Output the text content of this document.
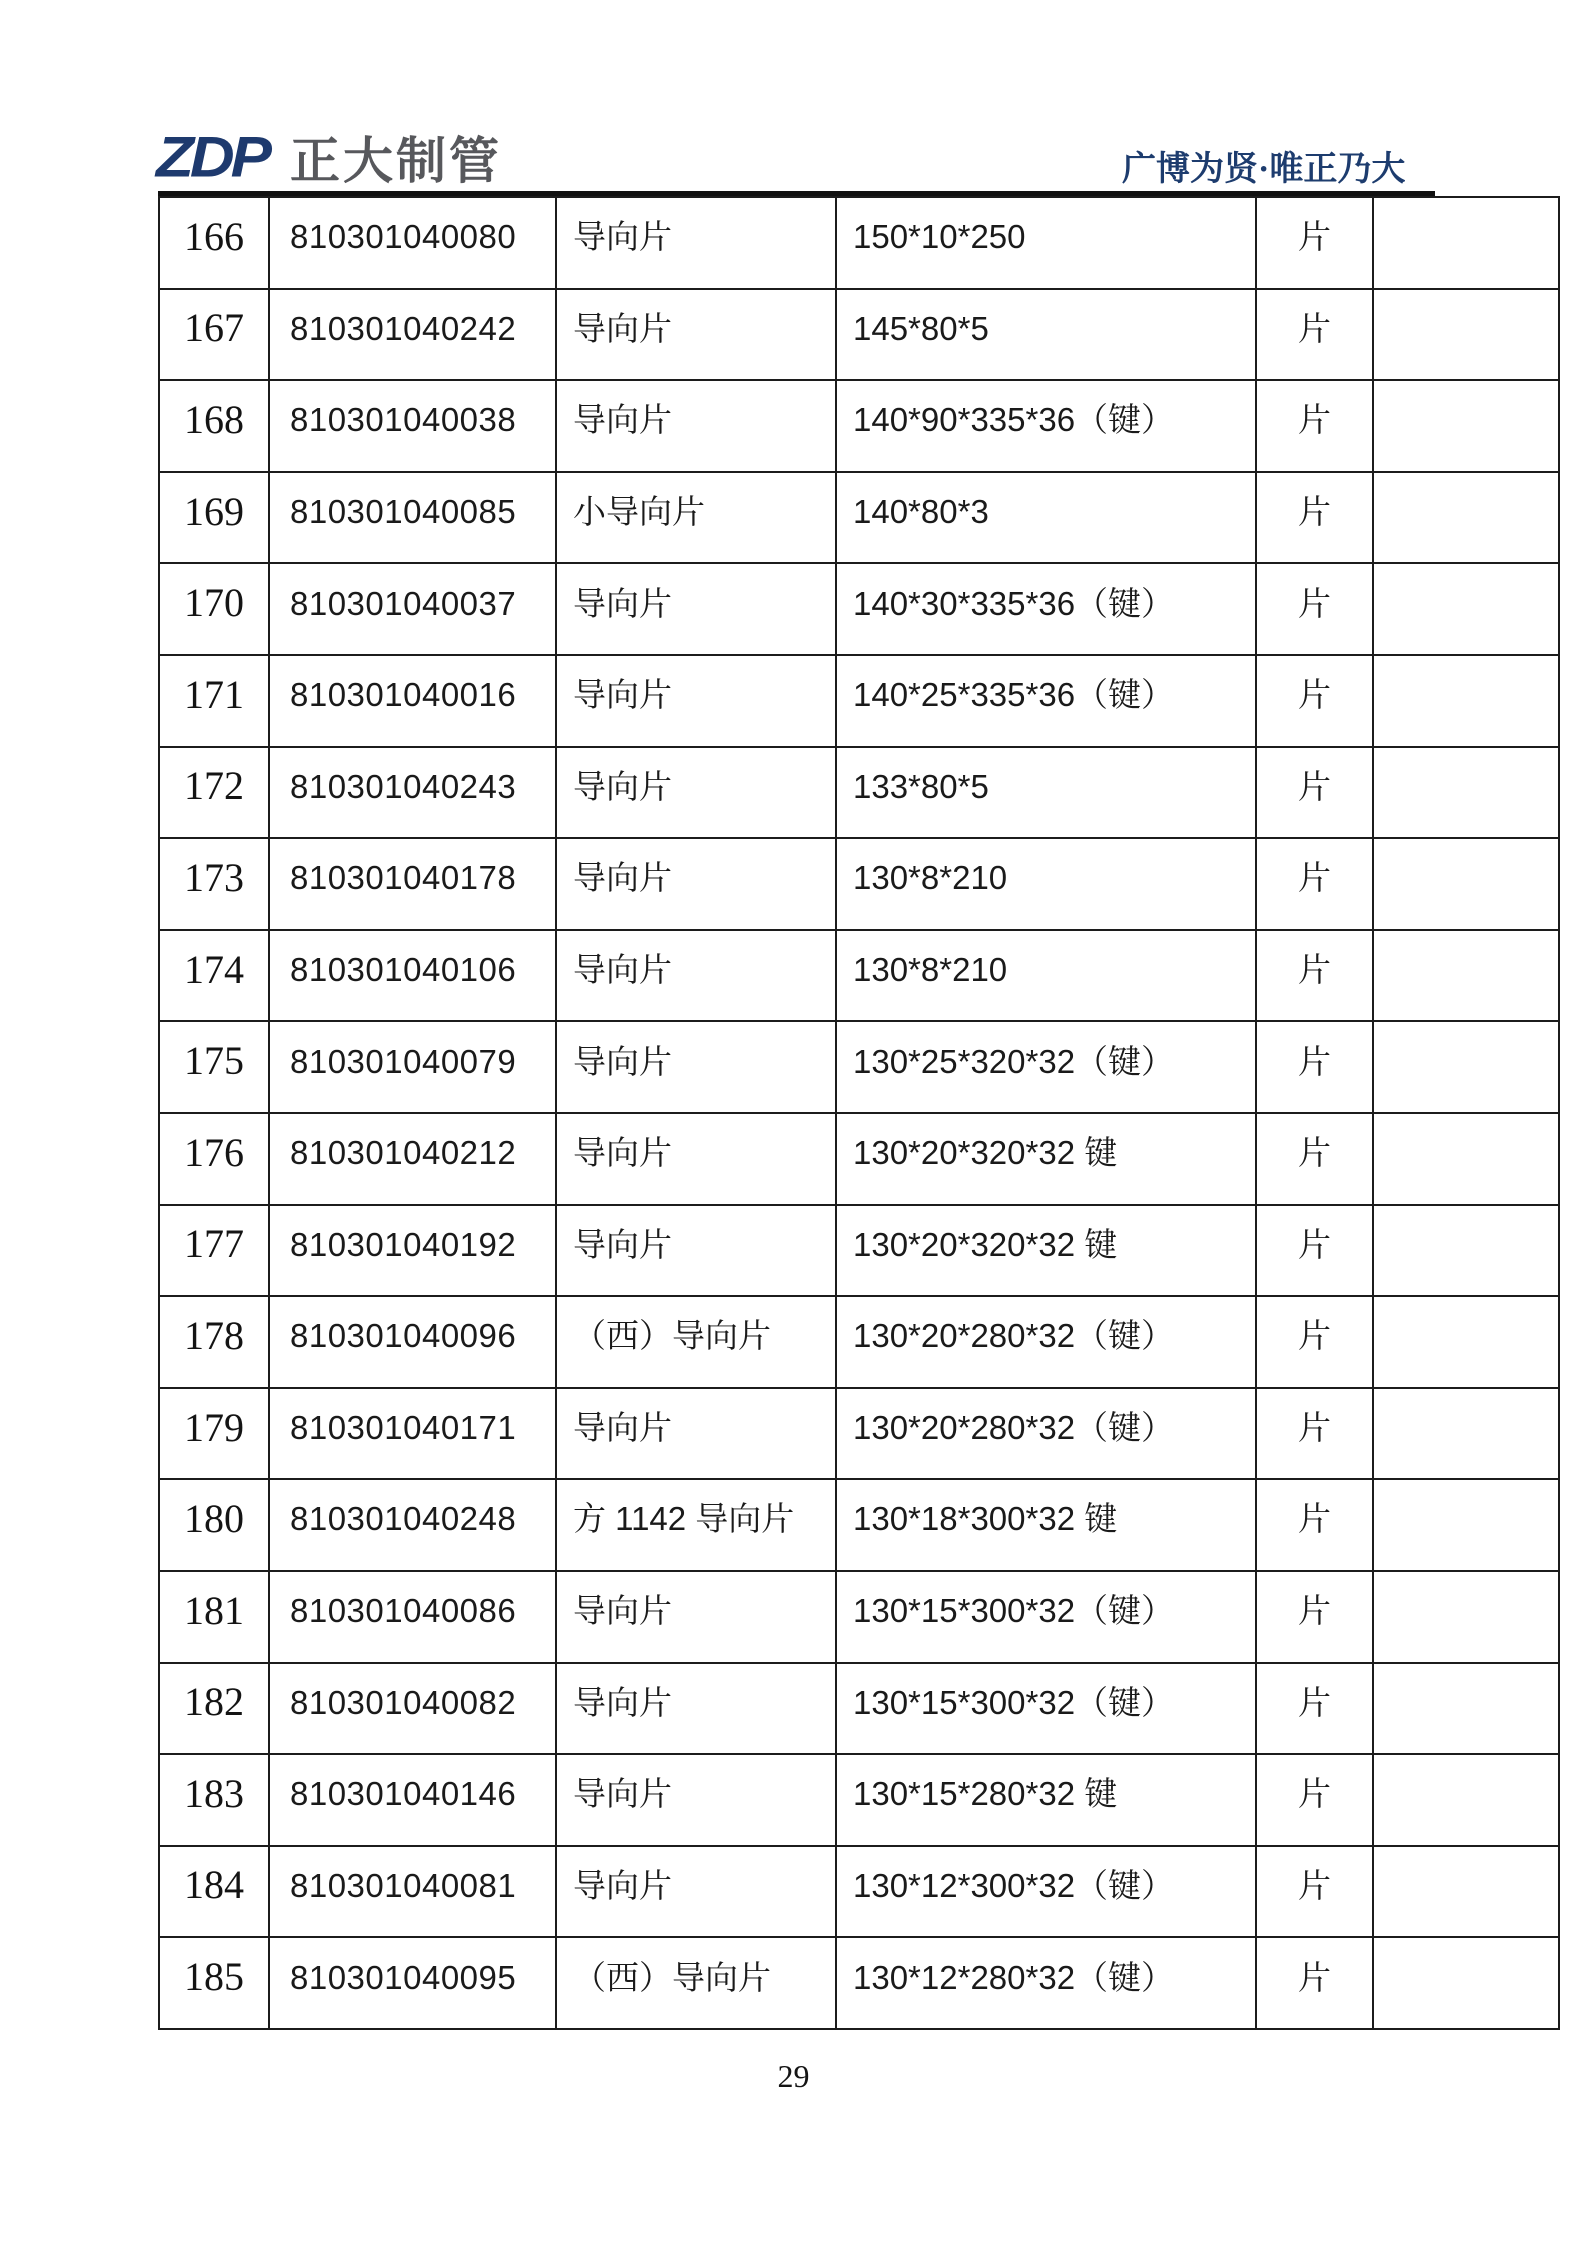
ZDP 正大制管	广博为贤·唯正乃大
166	810301040080	导向片	150*10*250	片	
167	810301040242	导向片	145*80*5	片	
168	810301040038	导向片	140*90*335*36（键）	片	
169	810301040085	小导向片	140*80*3	片	
170	810301040037	导向片	140*30*335*36（键）	片	
171	810301040016	导向片	140*25*335*36（键）	片	
172	810301040243	导向片	133*80*5	片	
173	810301040178	导向片	130*8*210	片	
174	810301040106	导向片	130*8*210	片	
175	810301040079	导向片	130*25*320*32（键）	片	
176	810301040212	导向片	130*20*320*32 键	片	
177	810301040192	导向片	130*20*320*32 键	片	
178	810301040096	（西）导向片	130*20*280*32（键）	片	
179	810301040171	导向片	130*20*280*32（键）	片	
180	810301040248	方 1142 导向片	130*18*300*32 键	片	
181	810301040086	导向片	130*15*300*32（键）	片	
182	810301040082	导向片	130*15*300*32（键）	片	
183	810301040146	导向片	130*15*280*32 键	片	
184	810301040081	导向片	130*12*300*32（键）	片	
185	810301040095	（西）导向片	130*12*280*32（键）	片	
29
